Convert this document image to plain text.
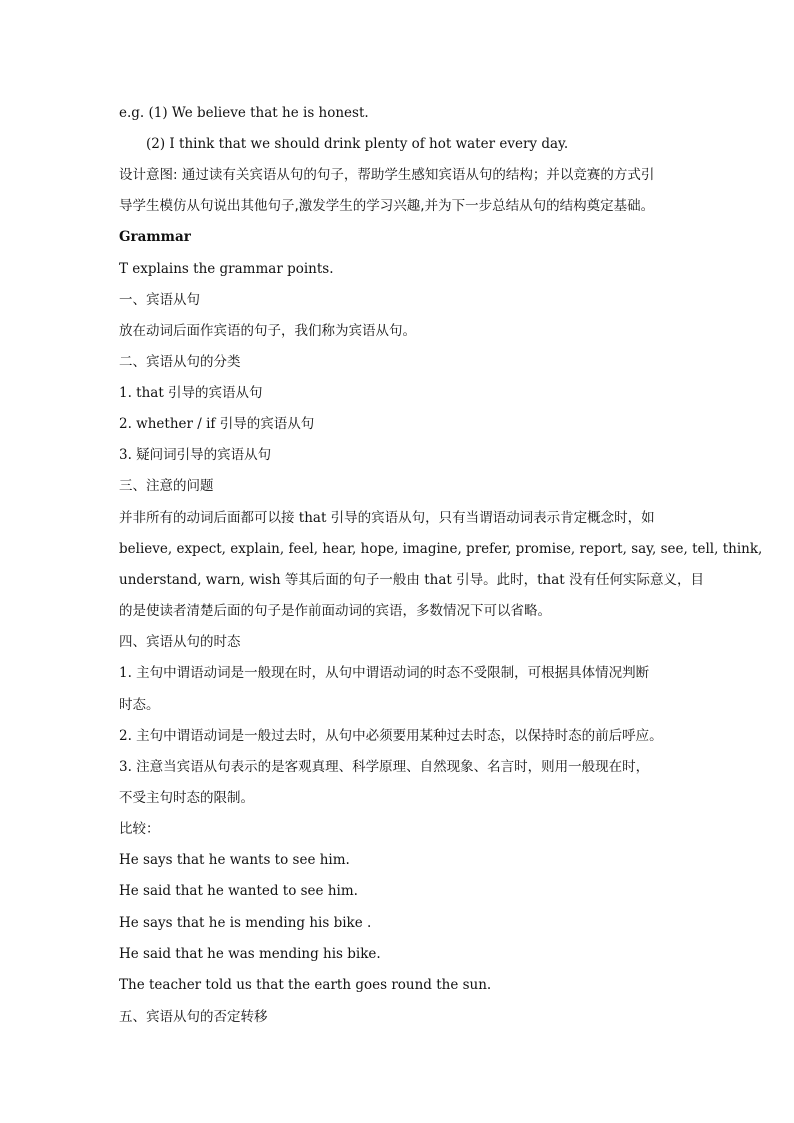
e.g. (1) We believe that he is honest.
(2) I think that we should drink plenty of hot water every day.
设计意图: 通过读有关宾语从句的句子，帮助学生感知宾语从句的结构；并以竞赛的方式引
导学生模仿从句说出其他句子,激发学生的学习兴趣,并为下一步总结从句的结构奠定基础。
Grammar
T explains the grammar points.
一、宾语从句
放在动词后面作宾语的句子，我们称为宾语从句。
二、宾语从句的分类
1. that 引导的宾语从句
2. whether / if 引导的宾语从句
3. 疑问词引导的宾语从句
三、注意的问题
并非所有的动词后面都可以接 that 引导的宾语从句，只有当谓语动词表示肯定概念时，如
believe, expect, explain, feel, hear, hope, imagine, prefer, promise, report, say, see, tell, think,
understand, warn, wish 等其后面的句子一般由 that 引导。此时，that 没有任何实际意义，目
的是使读者清楚后面的句子是作前面动词的宾语，多数情况下可以省略。
四、宾语从句的时态
1. 主句中谓语动词是一般现在时，从句中谓语动词的时态不受限制，可根据具体情况判断
时态。
2. 主句中谓语动词是一般过去时，从句中必须要用某种过去时态，以保持时态的前后呼应。
3. 注意当宾语从句表示的是客观真理、科学原理、自然现象、名言时，则用一般现在时，
不受主句时态的限制。
比较：
He says that he wants to see him.
He said that he wanted to see him.
He says that he is mending his bike .
He said that he was mending his bike.
The teacher told us that the earth goes round the sun.
五、宾语从句的否定转移
